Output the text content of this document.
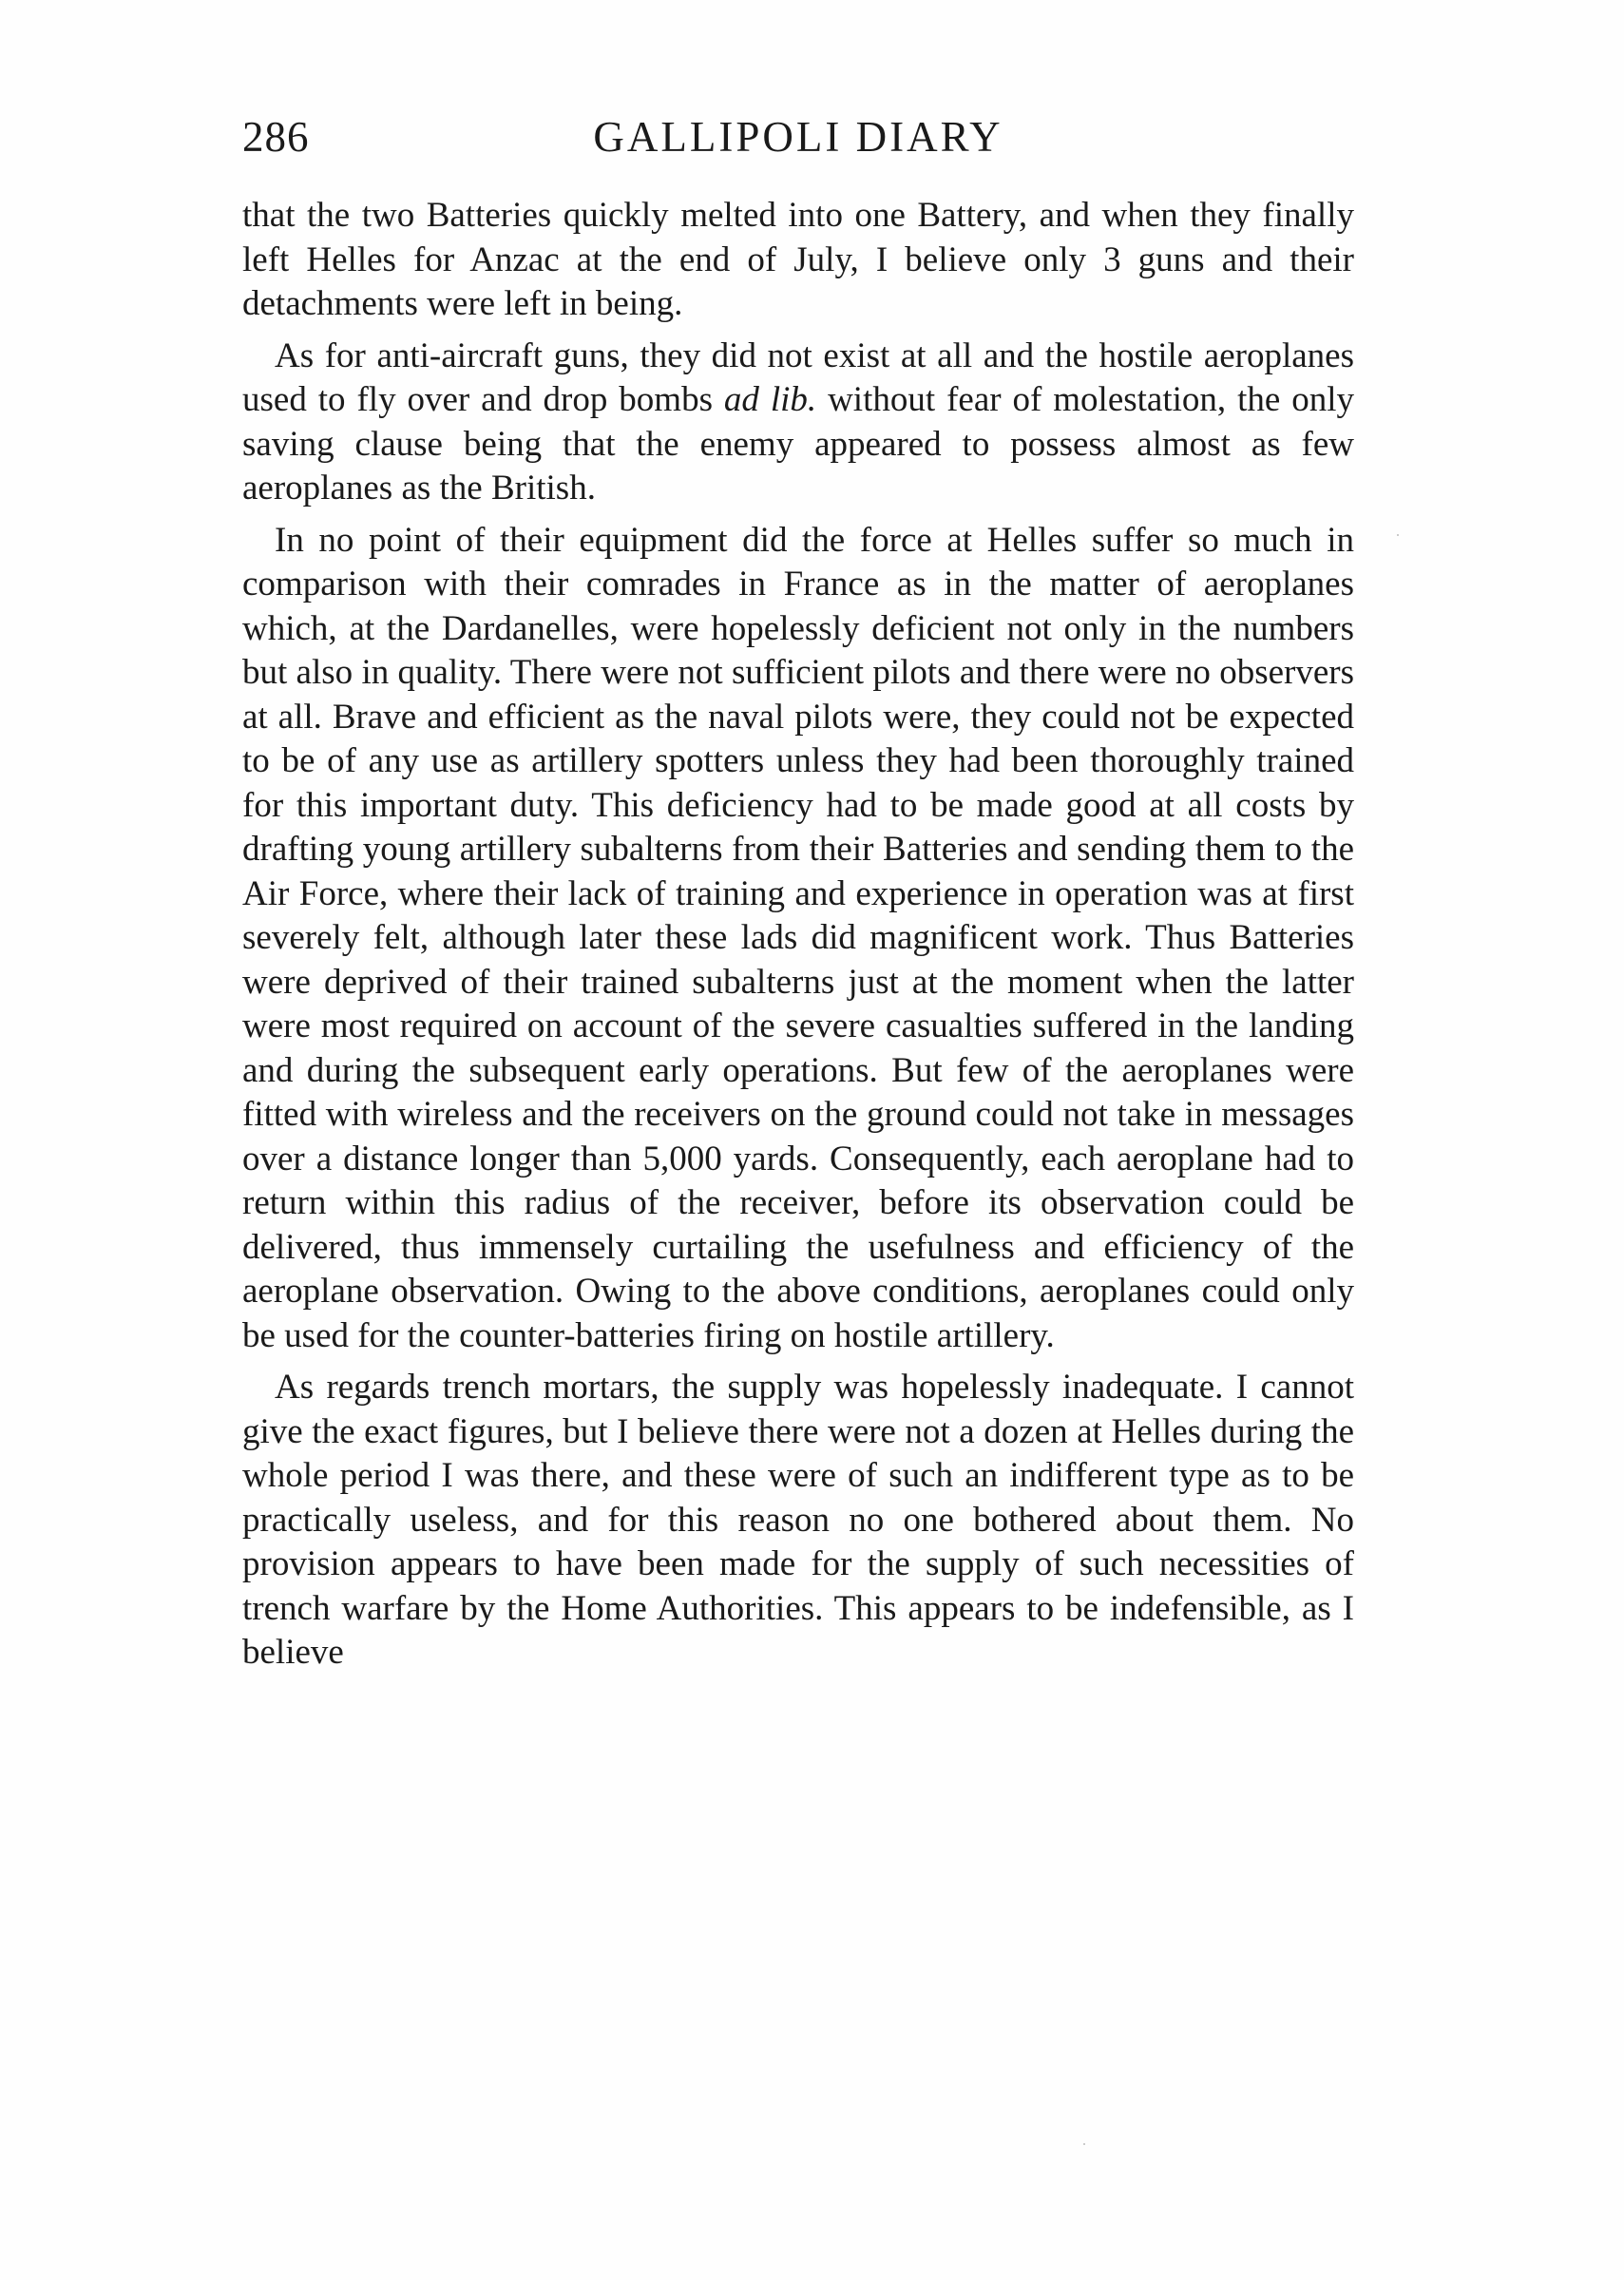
286	GALLIPOLI DIARY

that the two Batteries quickly melted into one Battery, and when they finally left Helles for Anzac at the end of July, I believe only 3 guns and their detachments were left in being.

As for anti-aircraft guns, they did not exist at all and the hostile aeroplanes used to fly over and drop bombs ad lib. without fear of molestation, the only saving clause being that the enemy appeared to possess almost as few aeroplanes as the British.

In no point of their equipment did the force at Helles suffer so much in comparison with their comrades in France as in the matter of aeroplanes which, at the Dardanelles, were hopelessly deficient not only in the numbers but also in quality. There were not sufficient pilots and there were no observers at all. Brave and efficient as the naval pilots were, they could not be expected to be of any use as artillery spotters unless they had been thoroughly trained for this important duty. This deficiency had to be made good at all costs by drafting young artillery subalterns from their Batteries and sending them to the Air Force, where their lack of training and experience in operation was at first severely felt, although later these lads did magnificent work. Thus Batteries were deprived of their trained subalterns just at the moment when the latter were most required on account of the severe casualties suffered in the landing and during the subsequent early operations. But few of the aeroplanes were fitted with wireless and the receivers on the ground could not take in messages over a distance longer than 5,000 yards. Consequently, each aeroplane had to return within this radius of the receiver, before its observation could be delivered, thus immensely curtailing the usefulness and efficiency of the aeroplane observation. Owing to the above conditions, aeroplanes could only be used for the counter-batteries firing on hostile artillery.

As regards trench mortars, the supply was hopelessly inadequate. I cannot give the exact figures, but I believe there were not a dozen at Helles during the whole period I was there, and these were of such an indifferent type as to be practically useless, and for this reason no one bothered about them. No provision appears to have been made for the supply of such necessities of trench warfare by the Home Authorities. This appears to be indefensible, as I believe
